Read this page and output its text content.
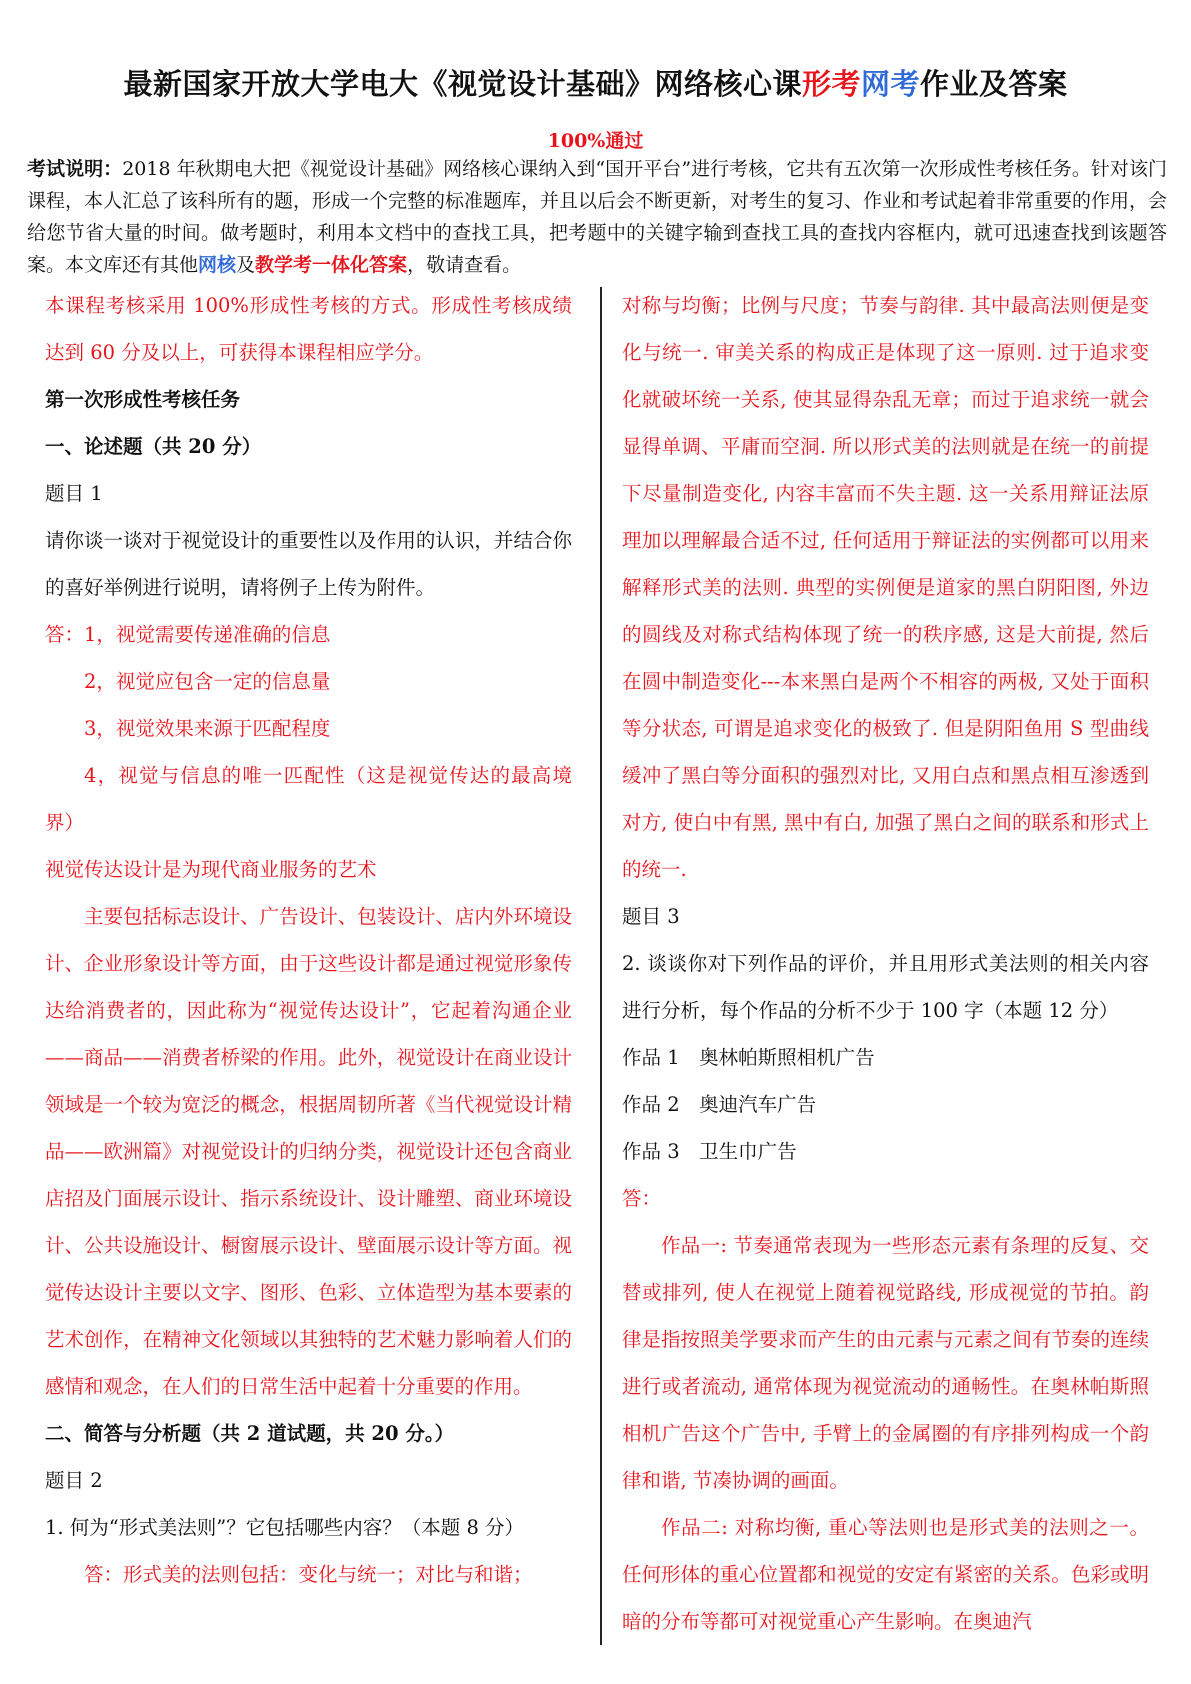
最新国家开放大学电大《视觉设计基础》网络核心课形考网考作业及答案
100%通过
考试说明：2018 年秋期电大把《视觉设计基础》网络核心课纳入到“国开平台”进行考核，它共有五次第一次形成性考核任务。针对该门课程，本人汇总了该科所有的题，形成一个完整的标准题库，并且以后会不断更新，对考生的复习、作业和考试起着非常重要的作用，会给您节省大量的时间。做考题时，利用本文档中的查找工具，把考题中的关键字输到查找工具的查找内容框内，就可迅速查找到该题答案。本文库还有其他网核及教学考一体化答案，敬请查看。

本课程考核采用 100%形成性考核的方式。形成性考核成绩达到 60 分及以上，可获得本课程相应学分。

第一次形成性考核任务

一、论述题（共 20 分）

题目 1

请你谈一谈对于视觉设计的重要性以及作用的认识，并结合你的喜好举例进行说明，请将例子上传为附件。

答：1，视觉需要传递准确的信息

2，视觉应包含一定的信息量

3，视觉效果来源于匹配程度

4，视觉与信息的唯一匹配性（这是视觉传达的最高境界）

视觉传达设计是为现代商业服务的艺术

主要包括标志设计、广告设计、包装设计、店内外环境设计、企业形象设计等方面，由于这些设计都是通过视觉形象传达给消费者的，因此称为“视觉传达设计”，它起着沟通企业——商品——消费者桥梁的作用。此外，视觉设计在商业设计领域是一个较为宽泛的概念，根据周韧所著《当代视觉设计精品——欧洲篇》对视觉设计的归纳分类，视觉设计还包含商业店招及门面展示设计、指示系统设计、设计雕塑、商业环境设计、公共设施设计、橱窗展示设计、壁面展示设计等方面。视觉传达设计主要以文字、图形、色彩、立体造型为基本要素的艺术创作，在精神文化领域以其独特的艺术魅力影响着人们的感情和观念，在人们的日常生活中起着十分重要的作用。

二、简答与分析题（共 2 道试题，共 20 分。）

题目 2

1. 何为“形式美法则”？它包括哪些内容？（本题 8 分）

答：形式美的法则包括：变化与统一；对比与和谐；

对称与均衡；比例与尺度；节奏与韵律. 其中最高法则便是变化与统一. 审美关系的构成正是体现了这一原则. 过于追求变化就破坏统一关系, 使其显得杂乱无章；而过于追求统一就会显得单调、平庸而空洞. 所以形式美的法则就是在统一的前提下尽量制造变化, 内容丰富而不失主题. 这一关系用辩证法原理加以理解最合适不过, 任何适用于辩证法的实例都可以用来解释形式美的法则. 典型的实例便是道家的黑白阴阳图, 外边的圆线及对称式结构体现了统一的秩序感, 这是大前提, 然后在圆中制造变化---本来黑白是两个不相容的两极, 又处于面积等分状态, 可谓是追求变化的极致了. 但是阴阳鱼用 S 型曲线缓冲了黑白等分面积的强烈对比, 又用白点和黑点相互渗透到对方, 使白中有黑, 黑中有白, 加强了黑白之间的联系和形式上的统一.

题目 3

2. 谈谈你对下列作品的评价，并且用形式美法则的相关内容进行分析，每个作品的分析不少于 100 字（本题 12 分）

作品 1　奥林帕斯照相机广告

作品 2　奥迪汽车广告

作品 3　卫生巾广告

答：

作品一: 节奏通常表现为一些形态元素有条理的反复、交替或排列, 使人在视觉上随着视觉路线, 形成视觉的节拍。韵律是指按照美学要求而产生的由元素与元素之间有节奏的连续进行或者流动, 通常体现为视觉流动的通畅性。在奥林帕斯照相机广告这个广告中, 手臂上的金属圈的有序排列构成一个韵律和谐, 节凑协调的画面。

作品二: 对称均衡, 重心等法则也是形式美的法则之一。任何形体的重心位置都和视觉的安定有紧密的关系。色彩或明暗的分布等都可对视觉重心产生影响。在奥迪汽
